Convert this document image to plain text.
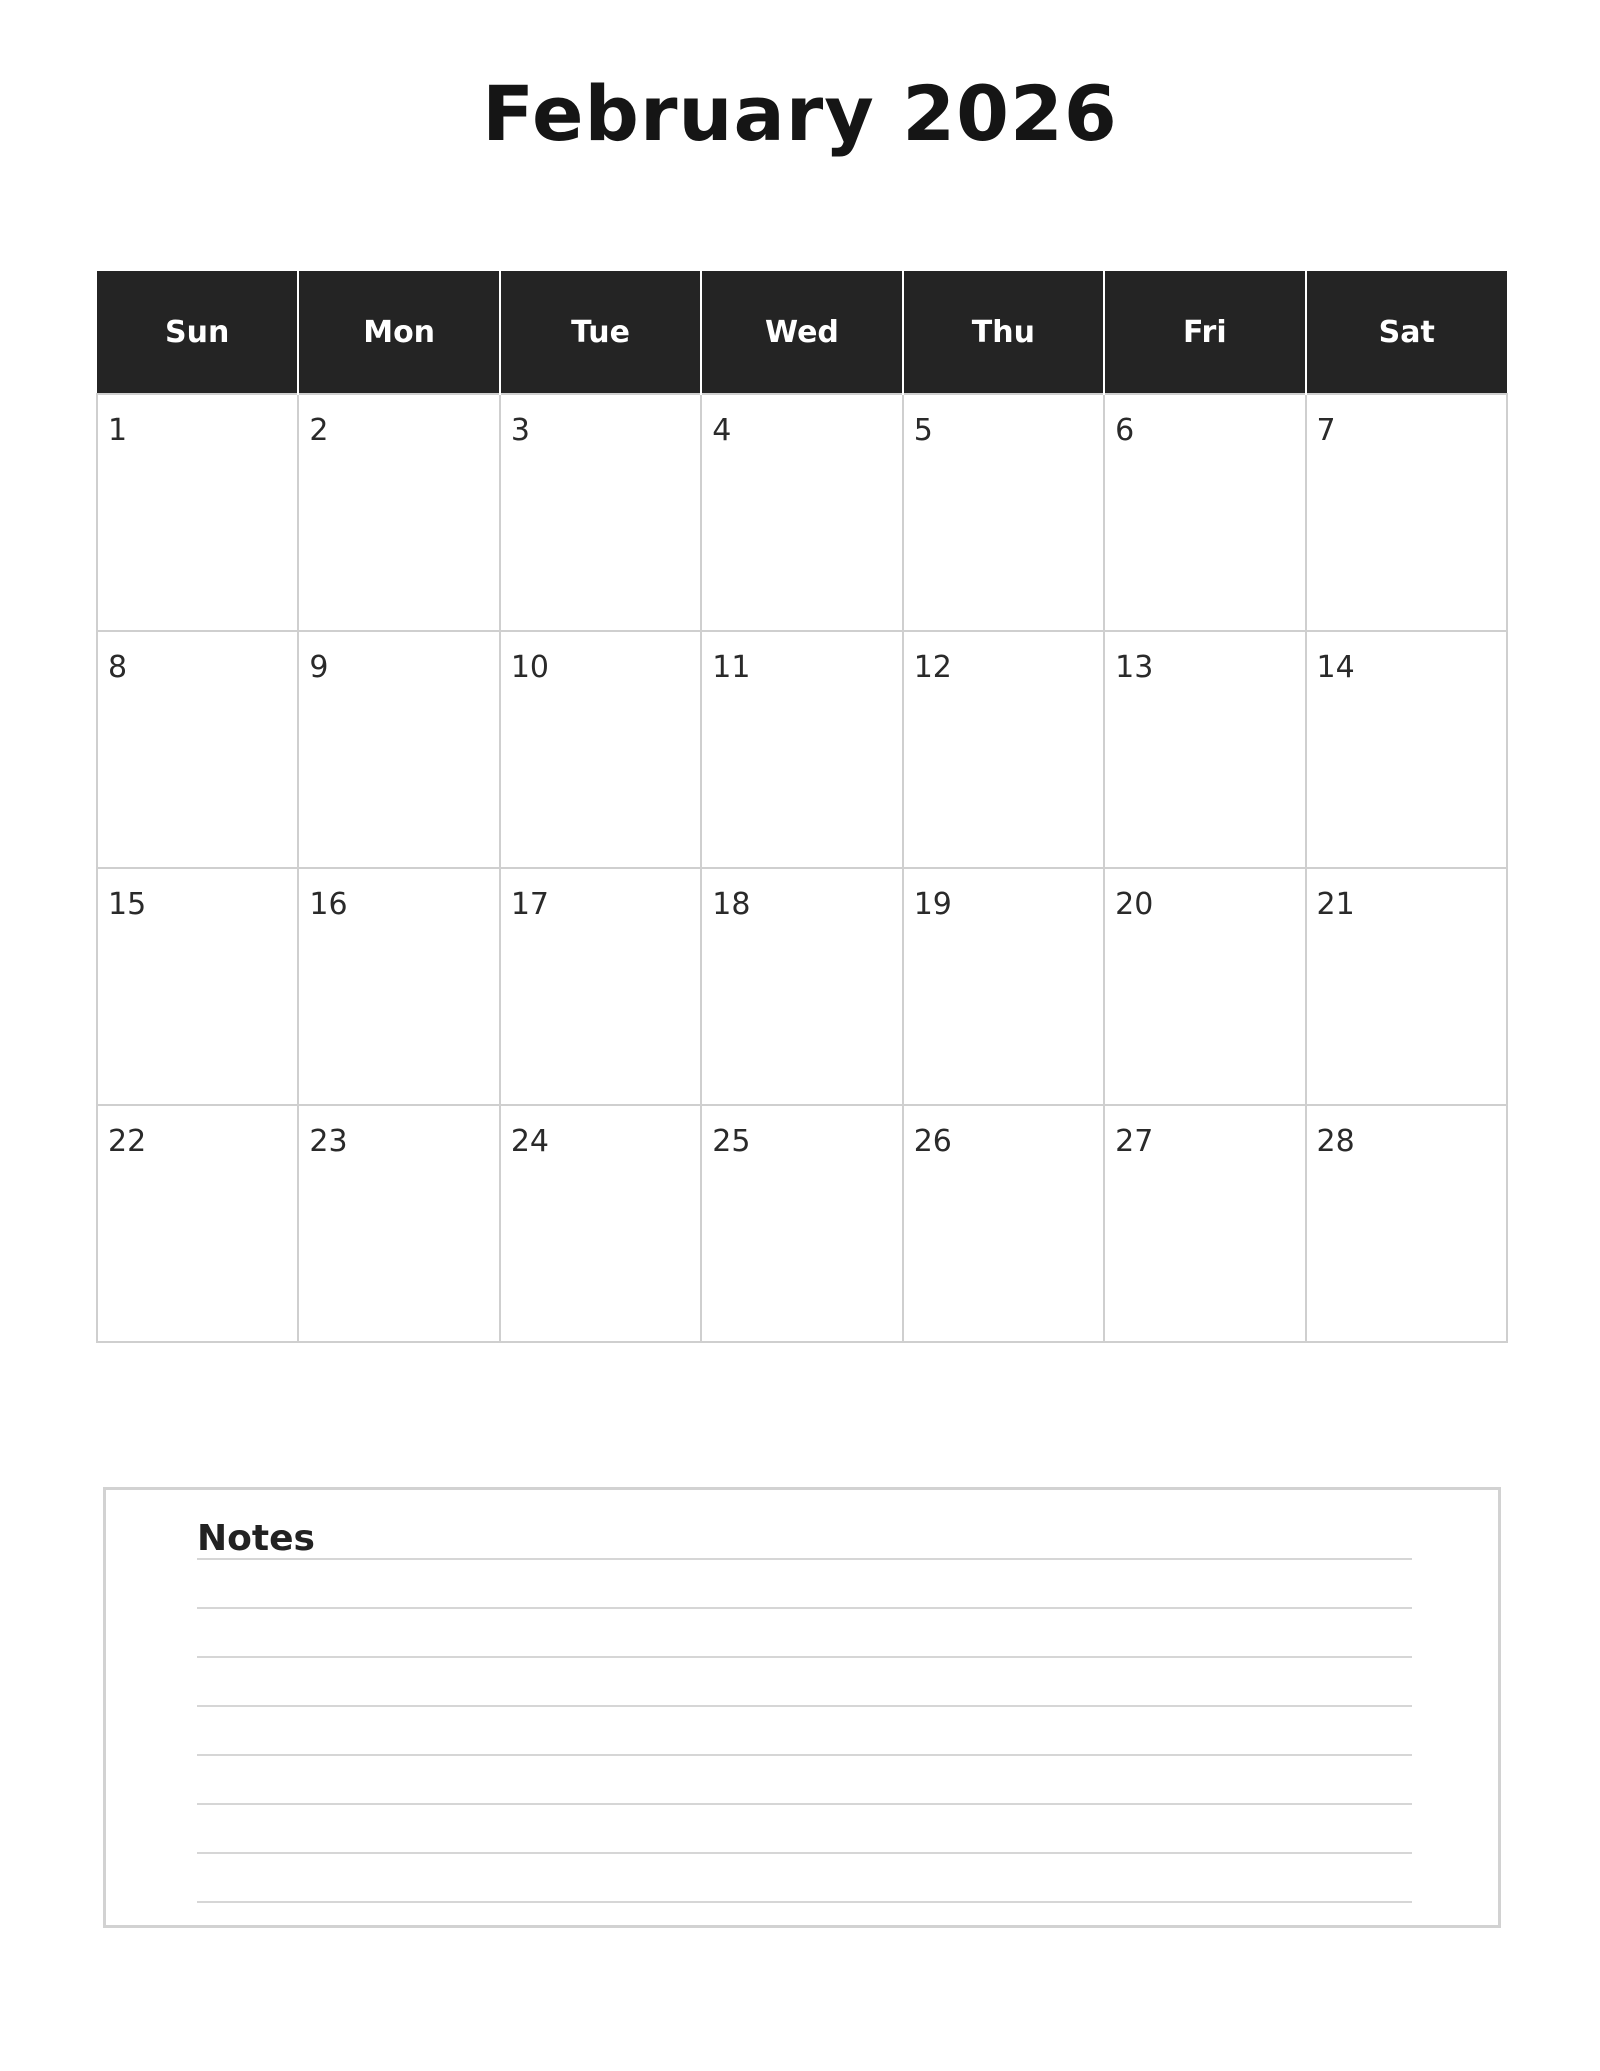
February 2026
Sun	Mon	Tue	Wed	Thu	Fri	Sat

1	2	3	4	5	6	7

8	9	10	11	12	13	14

15	16	17	18	19	20	21

22	23	24	25	26	27	28
Notes
